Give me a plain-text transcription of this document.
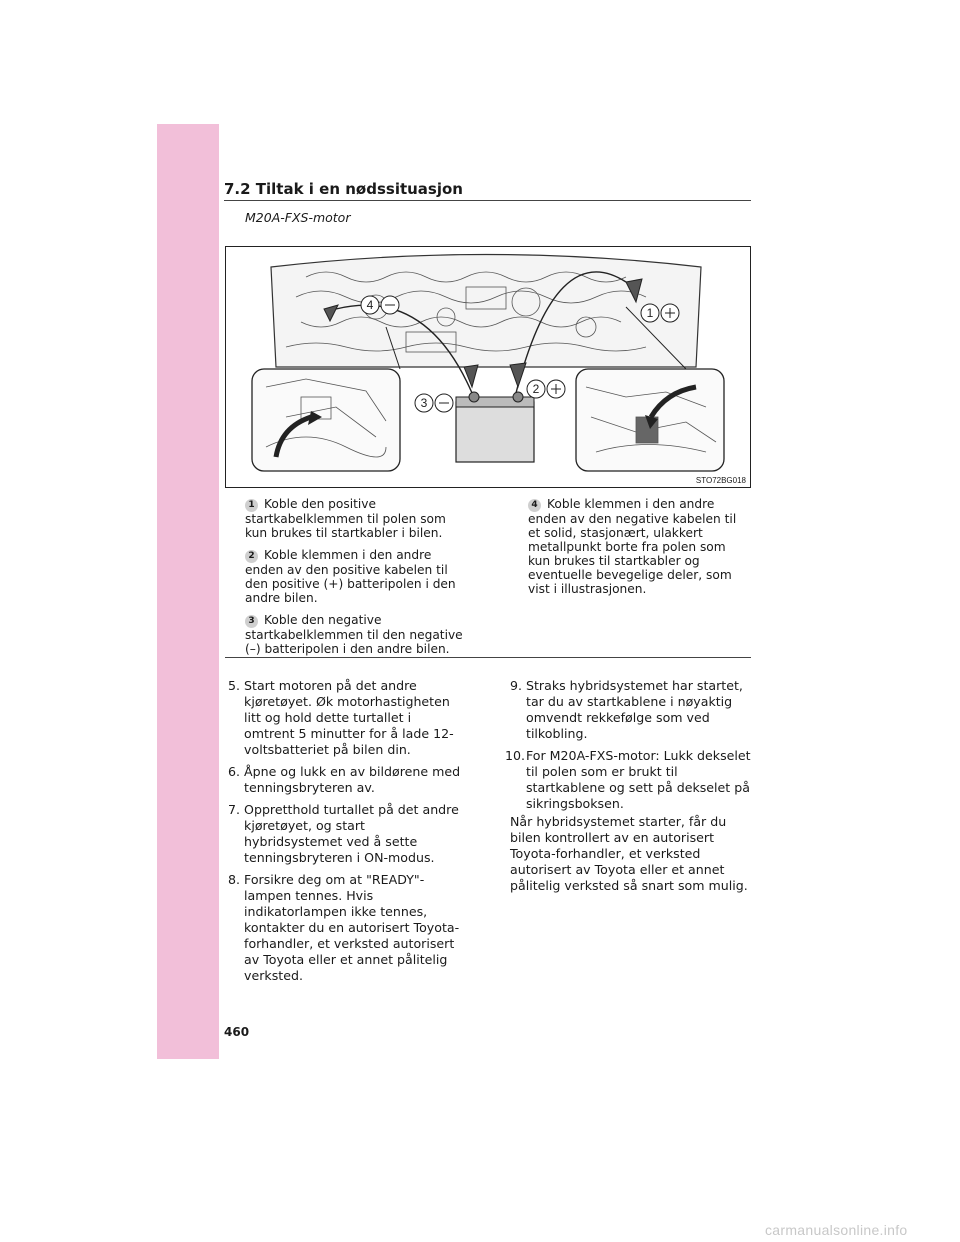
7.2 Tiltak i en nødssituasjon
M20A-FXS-motor
4
1
2
3
STO72BG018

1 Koble den positive startkabelklemmen til polen som kun brukes til startkabler i bilen.

2 Koble klemmen i den andre enden av den positive kabelen til den positive (+) batteripolen i den andre bilen.

3 Koble den negative startkabelklemmen til den negative (–) batteripolen i den andre bilen.

4 Koble klemmen i den andre enden av den negative kabelen til et solid, stasjonært, ulakkert metallpunkt borte fra polen som kun brukes til startkabler og eventuelle bevegelige deler, som vist i illustrasjonen.

5. Start motoren på det andre kjøretøyet. Øk motorhastigheten litt og hold dette turtallet i omtrent 5 minutter for å lade 12-voltsbatteriet på bilen din.
6. Åpne og lukk en av bildørene med tenningsbryteren av.
7. Oppretthold turtallet på det andre kjøretøyet, og start hybridsystemet ved å sette tenningsbryteren i ON-modus.
8. Forsikre deg om at "READY"-lampen tennes. Hvis indikatorlampen ikke tennes, kontakter du en autorisert Toyota-forhandler, et verksted autorisert av Toyota eller et annet pålitelig verksted.
9. Straks hybridsystemet har startet, tar du av startkablene i nøyaktig omvendt rekkefølge som ved tilkobling.
10. For M20A-FXS-motor: Lukk dekselet til polen som er brukt til startkablene og sett på dekselet på sikringsboksen.
Når hybridsystemet starter, får du bilen kontrollert av en autorisert Toyota-forhandler, et verksted autorisert av Toyota eller et annet pålitelig verksted så snart som mulig.
460
carmanualsonline.info
